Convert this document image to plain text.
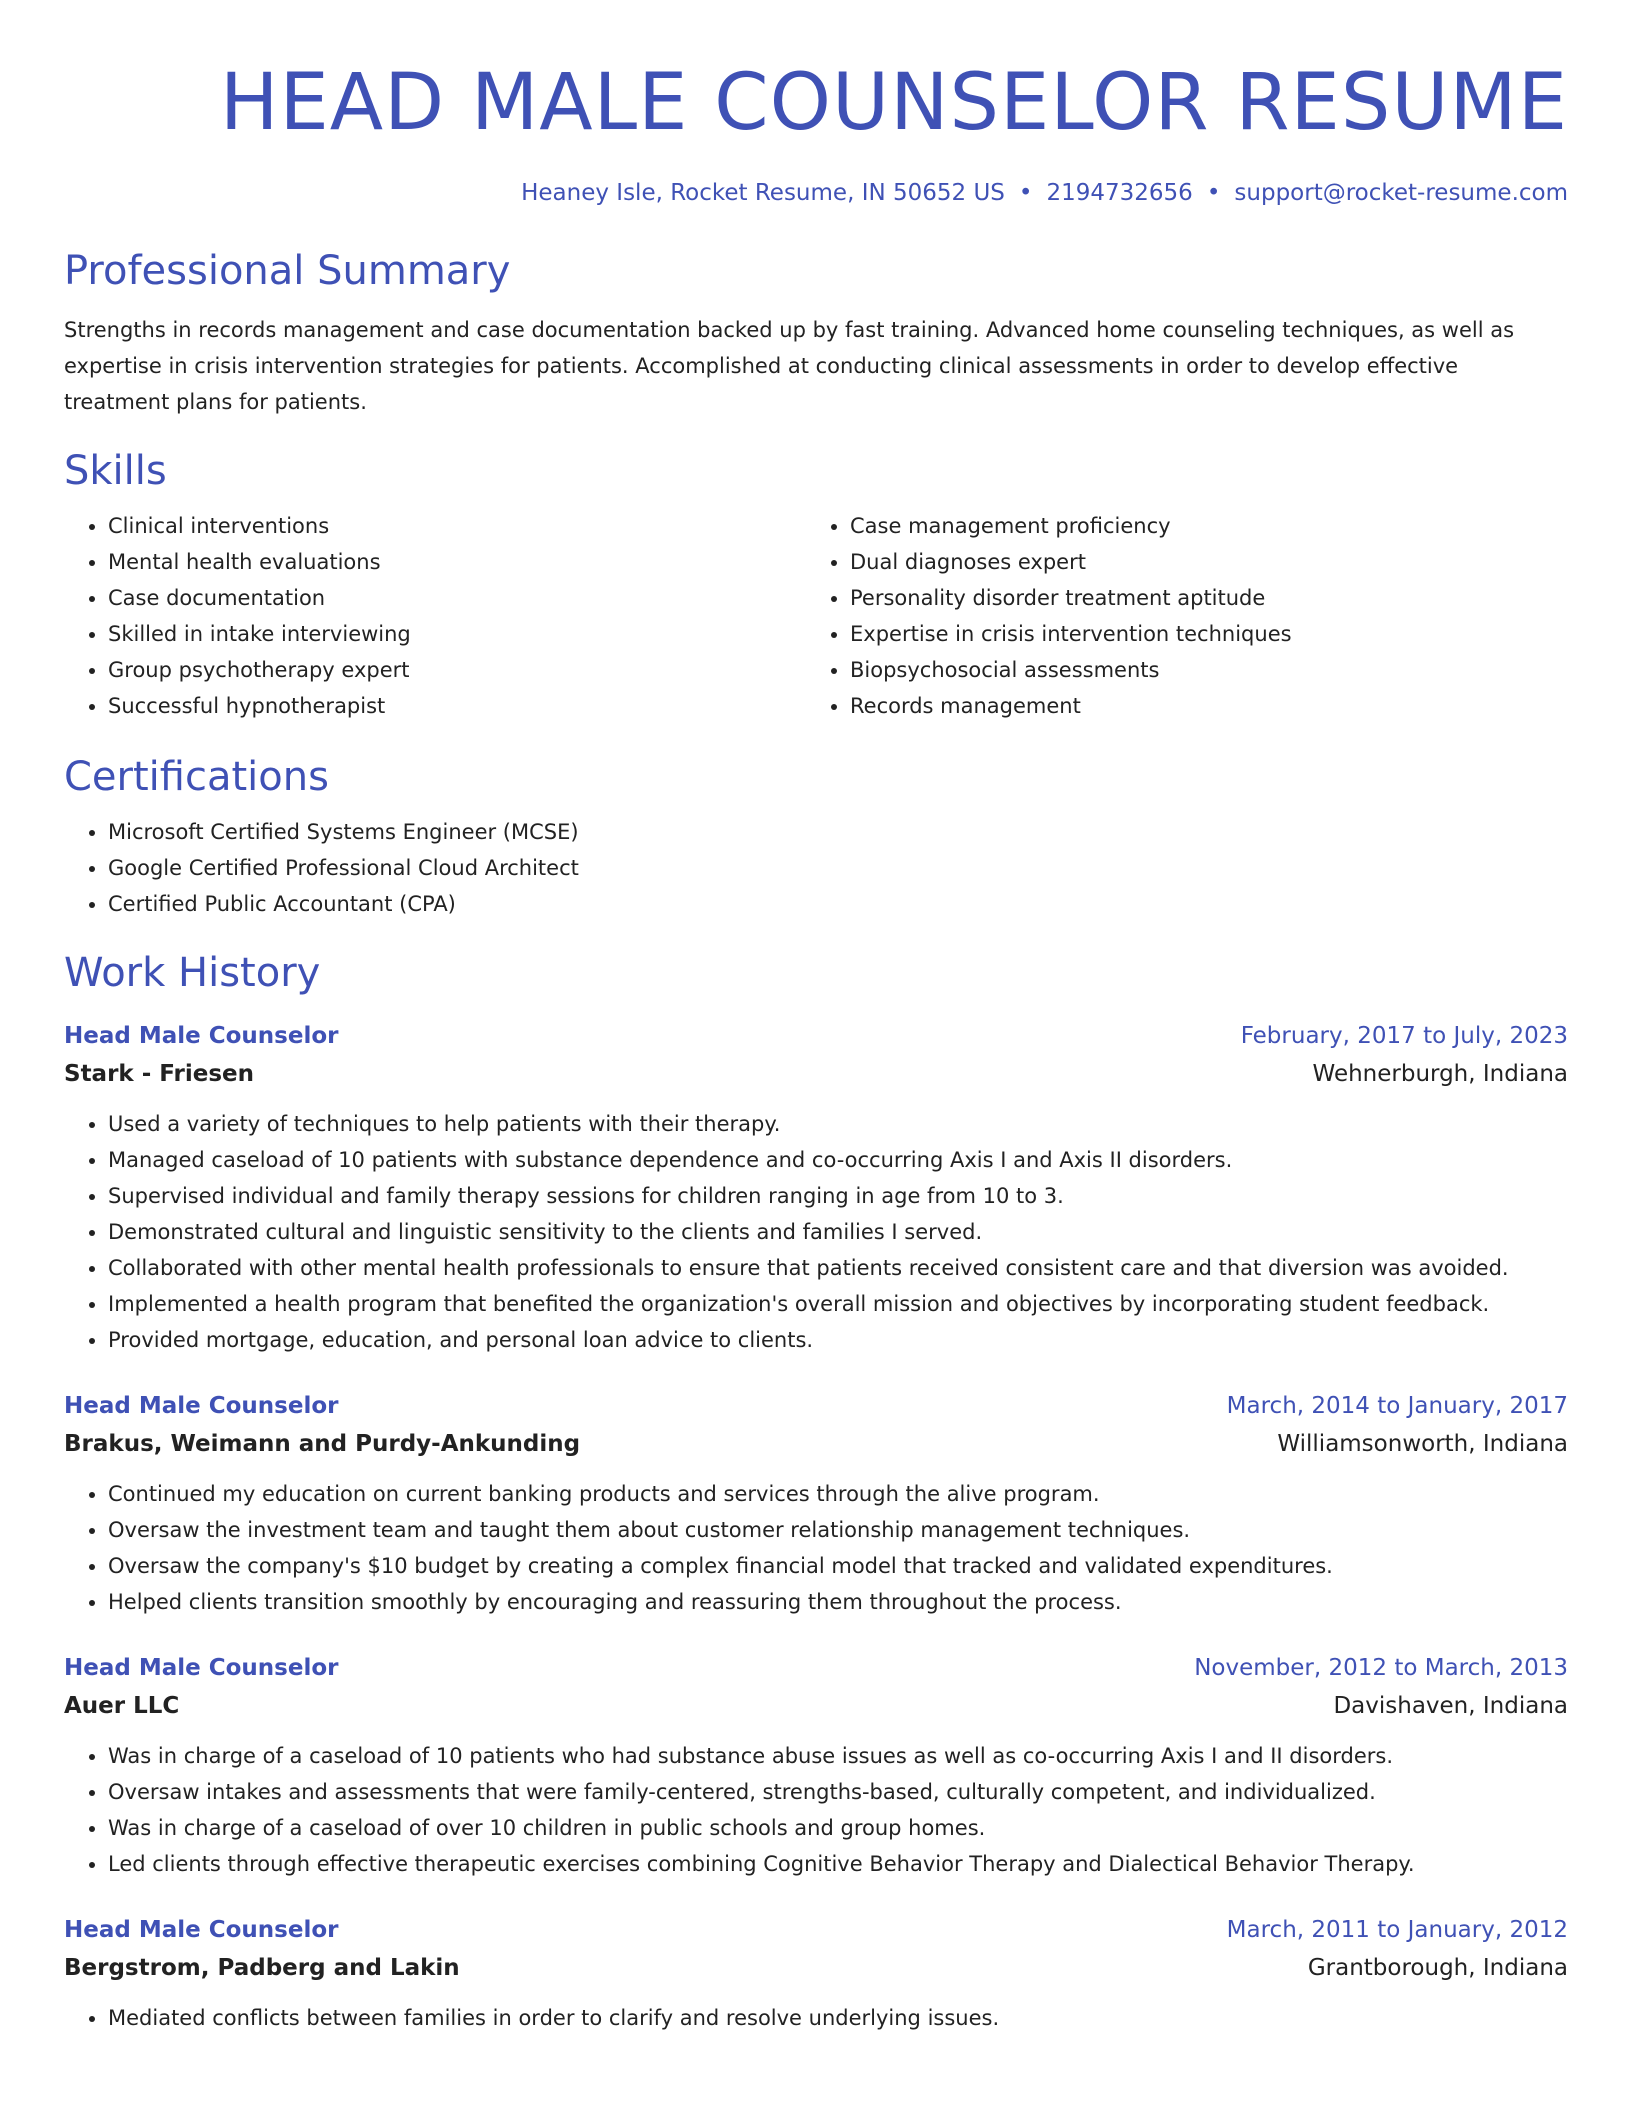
HEAD MALE COUNSELOR RESUME
Heaney Isle, Rocket Resume, IN 50652 US • 2194732656 • support@rocket-resume.com
Professional Summary

Strengths in records management and case documentation backed up by fast training. Advanced home counseling techniques, as well as expertise in crisis intervention strategies for patients. Accomplished at conducting clinical assessments in order to develop effective treatment plans for patients.

Skills
• Clinical interventions
• Mental health evaluations
• Case documentation
• Skilled in intake interviewing
• Group psychotherapy expert
• Successful hypnotherapist
• Case management proficiency
• Dual diagnoses expert
• Personality disorder treatment aptitude
• Expertise in crisis intervention techniques
• Biopsychosocial assessments
• Records management
Certifications
• Microsoft Certified Systems Engineer (MCSE)
• Google Certified Professional Cloud Architect
• Certified Public Accountant (CPA)
Work History
Head Male Counselor	February, 2017 to July, 2023
Stark - Friesen	Wehnerburgh, Indiana
• Used a variety of techniques to help patients with their therapy.
• Managed caseload of 10 patients with substance dependence and co-occurring Axis I and Axis II disorders.
• Supervised individual and family therapy sessions for children ranging in age from 10 to 3.
• Demonstrated cultural and linguistic sensitivity to the clients and families I served.
• Collaborated with other mental health professionals to ensure that patients received consistent care and that diversion was avoided.
• Implemented a health program that benefited the organization's overall mission and objectives by incorporating student feedback.
• Provided mortgage, education, and personal loan advice to clients.
Head Male Counselor	March, 2014 to January, 2017
Brakus, Weimann and Purdy-Ankunding	Williamsonworth, Indiana
• Continued my education on current banking products and services through the alive program.
• Oversaw the investment team and taught them about customer relationship management techniques.
• Oversaw the company's $10 budget by creating a complex financial model that tracked and validated expenditures.
• Helped clients transition smoothly by encouraging and reassuring them throughout the process.
Head Male Counselor	November, 2012 to March, 2013
Auer LLC	Davishaven, Indiana
• Was in charge of a caseload of 10 patients who had substance abuse issues as well as co-occurring Axis I and II disorders.
• Oversaw intakes and assessments that were family-centered, strengths-based, culturally competent, and individualized.
• Was in charge of a caseload of over 10 children in public schools and group homes.
• Led clients through effective therapeutic exercises combining Cognitive Behavior Therapy and Dialectical Behavior Therapy.
Head Male Counselor	March, 2011 to January, 2012
Bergstrom, Padberg and Lakin	Grantborough, Indiana
• Mediated conflicts between families in order to clarify and resolve underlying issues.
